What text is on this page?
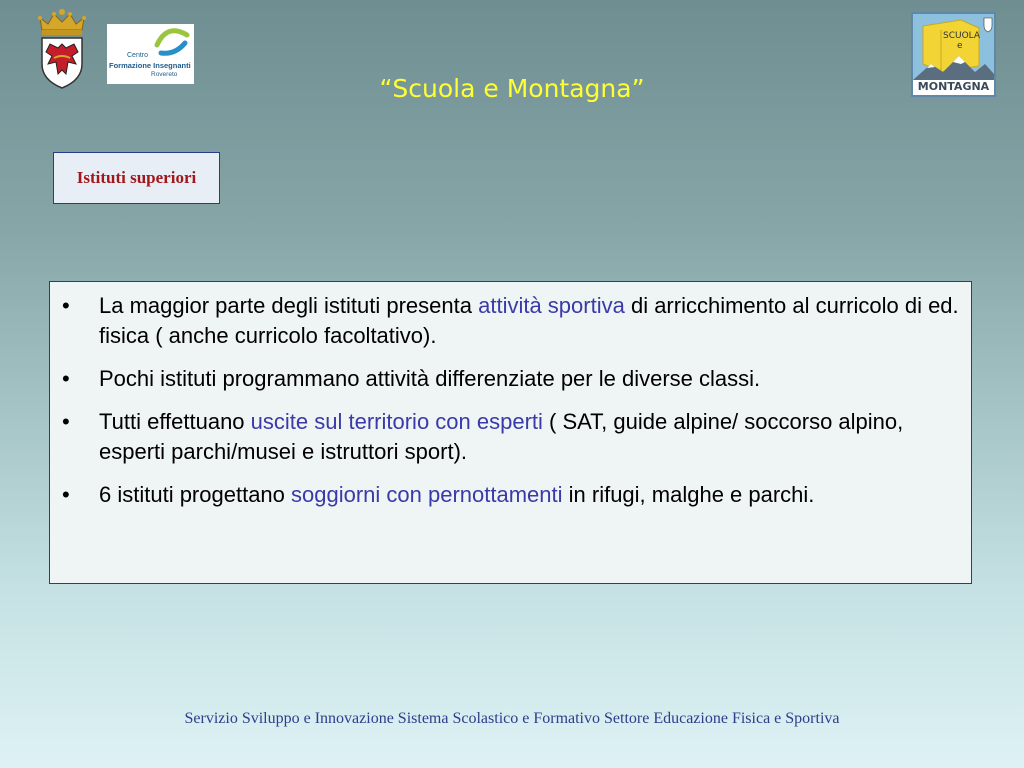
Centro
Formazione Insegnanti
Rovereto
SCUOLA
e
MONTAGNA
“Scuola e Montagna”
Istituti superiori
• La maggior parte degli istituti presenta attività sportiva di arricchimento al curricolo di ed. fisica ( anche curricolo facoltativo).
• Pochi istituti programmano attività differenziate per le diverse classi.
• Tutti effettuano uscite sul territorio con esperti ( SAT, guide alpine/ soccorso alpino, esperti parchi/musei e istruttori sport).
• 6 istituti progettano soggiorni con pernottamenti in rifugi, malghe e parchi.
Servizio Sviluppo e Innovazione Sistema Scolastico e Formativo Settore Educazione Fisica e Sportiva
